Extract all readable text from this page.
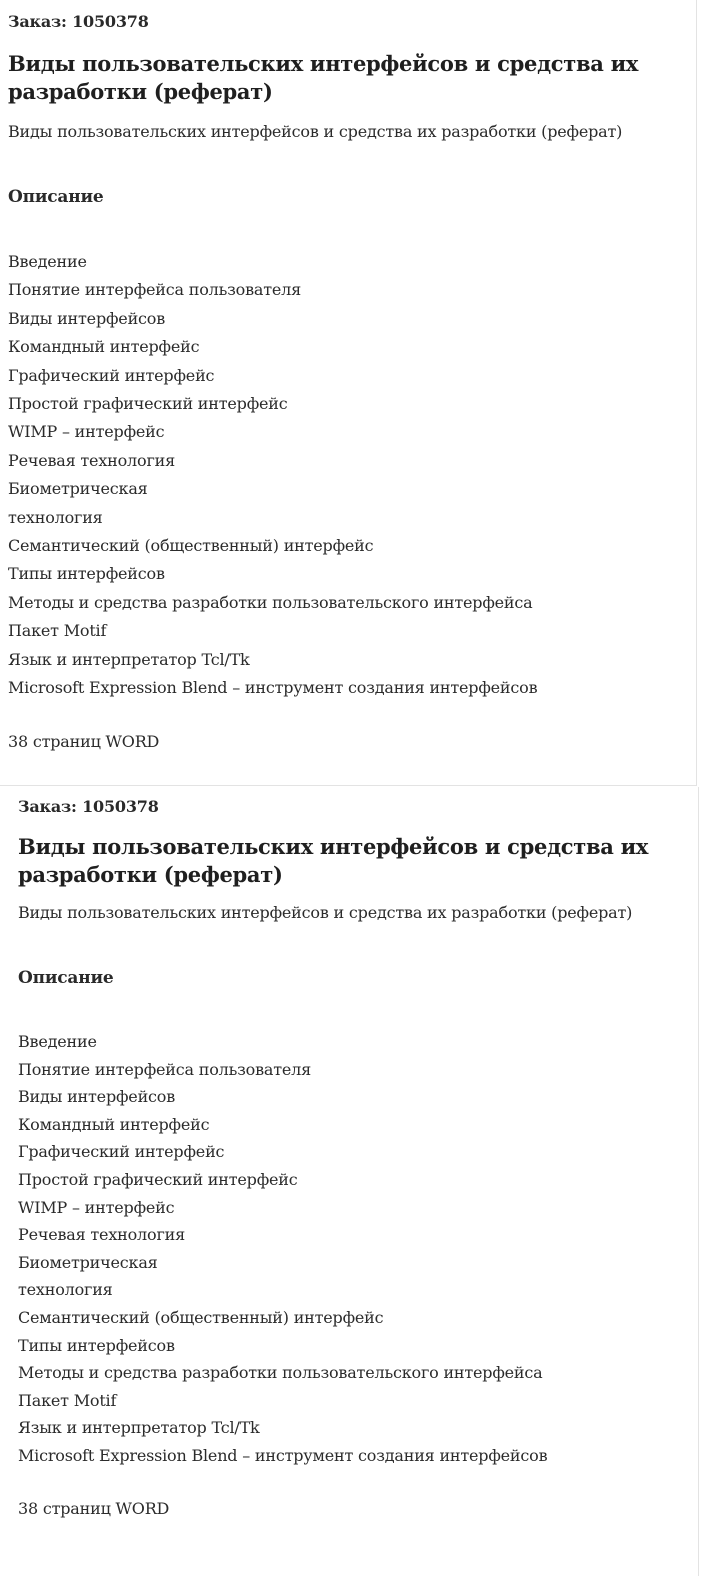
Заказ: 1050378
Виды пользовательских интерфейсов и средства их разработки (реферат)
Виды пользовательских интерфейсов и средства их разработки (реферат)
Описание
Введение
Понятие интерфейса пользователя
Виды интерфейсов
Командный интерфейс
Графический интерфейс
Простой графический интерфейс
WIMP – интерфейс
Речевая технология
Биометрическая
технология
Семантический (общественный) интерфейс
Типы интерфейсов
Методы и средства разработки пользовательского интерфейса
Пакет Motif
Язык и интерпретатор Tcl/Tk
Microsoft Expression Blend – инструмент создания интерфейсов
38 страниц WORD
Заказ: 1050378
Виды пользовательских интерфейсов и средства их разработки (реферат)
Виды пользовательских интерфейсов и средства их разработки (реферат)
Описание
Введение
Понятие интерфейса пользователя
Виды интерфейсов
Командный интерфейс
Графический интерфейс
Простой графический интерфейс
WIMP – интерфейс
Речевая технология
Биометрическая
технология
Семантический (общественный) интерфейс
Типы интерфейсов
Методы и средства разработки пользовательского интерфейса
Пакет Motif
Язык и интерпретатор Tcl/Tk
Microsoft Expression Blend – инструмент создания интерфейсов
38 страниц WORD
